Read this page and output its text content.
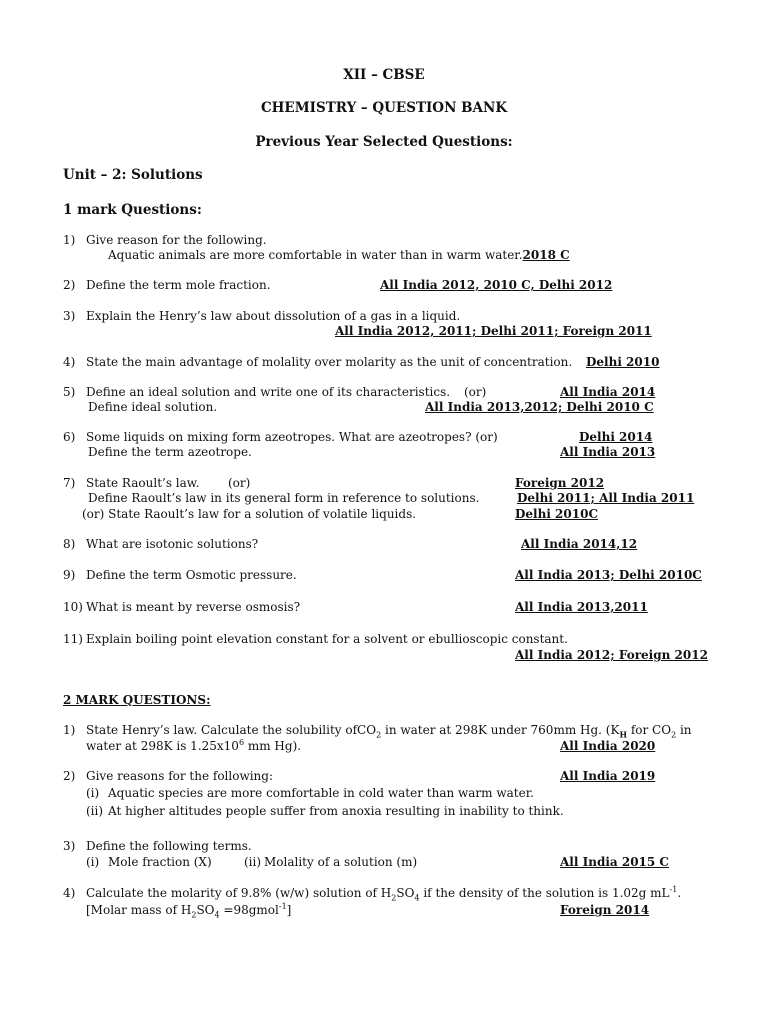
XII – CBSE
CHEMISTRY – QUESTION BANK
Previous Year Selected Questions:
Unit – 2: Solutions
1 mark Questions:
1) Give reason for the following.
Aquatic animals are more comfortable in water than in warm water.2018 C
2) Define the term mole fraction.	All India 2012, 2010 C, Delhi 2012
3) Explain the Henry’s law about dissolution of a gas in a liquid.
All India 2012, 2011; Delhi 2011; Foreign 2011
4) State the main advantage of molality over molarity as the unit of concentration. Delhi 2010
5) Define an ideal solution and write one of its characteristics. (or)	All India 2014
Define ideal solution.	All India 2013,2012; Delhi 2010 C
6) Some liquids on mixing form azeotropes. What are azeotropes? (or)	Delhi 2014
Define the term azeotrope.	All India 2013
7) State Raoult’s law. (or)	Foreign 2012
Define Raoult’s law in its general form in reference to solutions.	Delhi 2011; All India 2011
(or) State Raoult’s law for a solution of volatile liquids.	Delhi 2010C
8) What are isotonic solutions?	All India 2014,12
9) Define the term Osmotic pressure.	All India 2013; Delhi 2010C
10) What is meant by reverse osmosis?	All India 2013,2011
11) Explain boiling point elevation constant for a solvent or ebullioscopic constant.
All India 2012; Foreign 2012
2 MARK QUESTIONS:
1) State Henry’s law. Calculate the solubility ofCO$_2$ in water at 298K under 760mm Hg. ($K_H$ for $CO_2$ in
water at 298K is $1.25x10^6$ mm Hg).	All India 2020
2) Give reasons for the following:	All India 2019
(i) Aquatic species are more comfortable in cold water than warm water.
(ii) At higher altitudes people suffer from anoxia resulting in inability to think.
3) Define the following terms.
(i) Mole fraction (X)	(ii) Molality of a solution (m)	All India 2015 C
4) Calculate the molarity of 9.8% (w/w) solution of $H_2SO_4$ if the density of the solution is 1.02g $mL^{-1}$.
[Molar mass of $H_2SO_4$ =98gmol$^{-1}$]	Foreign 2014
